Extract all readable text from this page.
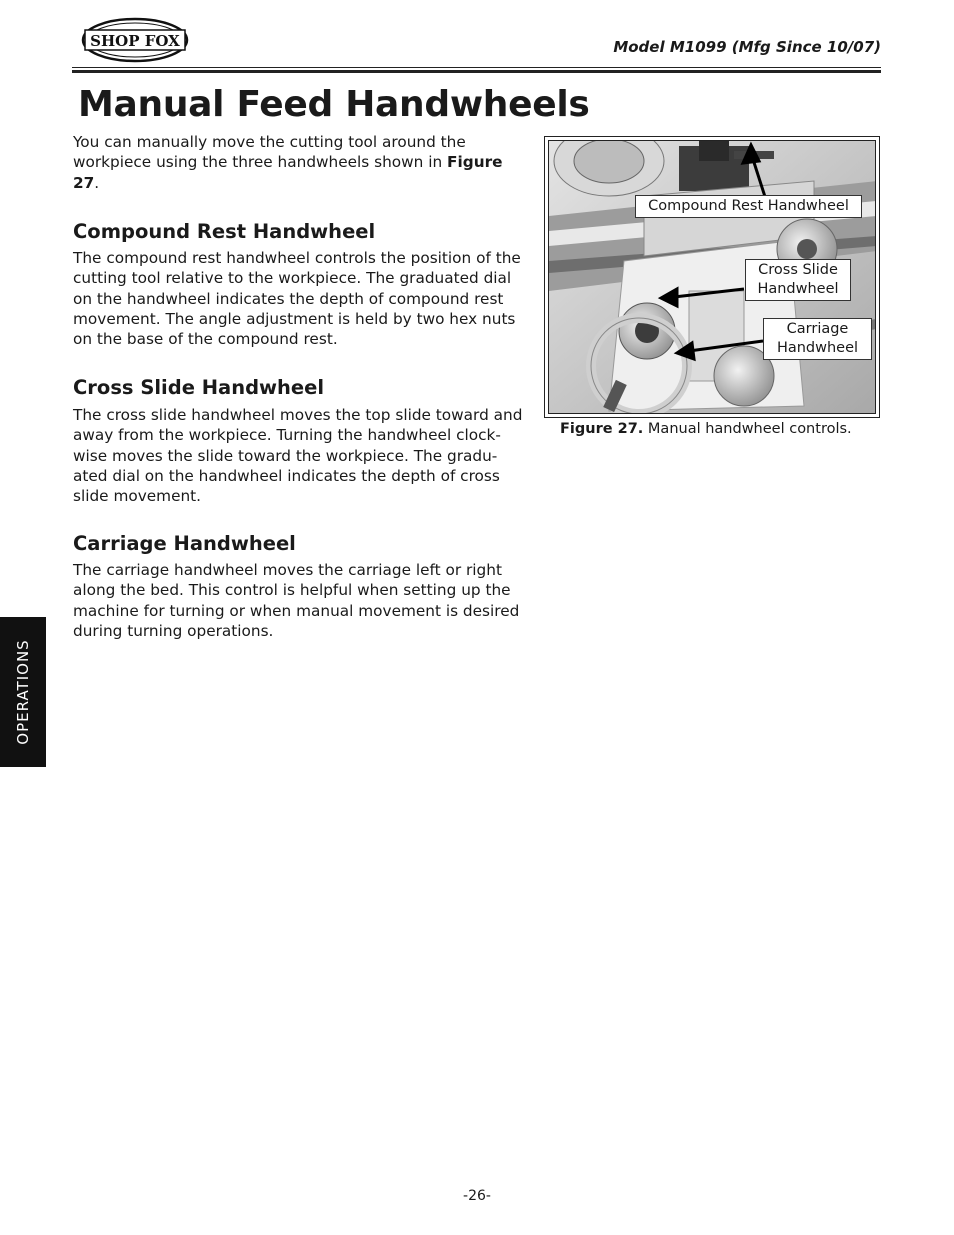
SHOP FOX	Model M1099 (Mfg Since 10/07)
Manual Feed Handwheels

You can manually move the cutting tool around the workpiece using the three handwheels shown in Figure 27.

Compound Rest Handwheel

The compound rest handwheel controls the position of the cutting tool relative to the workpiece. The graduated dial on the handwheel indicates the depth of compound rest movement. The angle adjustment is held by two hex nuts on the base of the compound rest.

Cross Slide Handwheel

The cross slide handwheel moves the top slide toward and away from the workpiece. Turning the handwheel clock-wise moves the slide toward the workpiece. The gradu-ated dial on the handwheel indicates the depth of cross slide movement.

Carriage Handwheel

The carriage handwheel moves the carriage left or right along the bed. This control is helpful when setting up the machine for turning or when manual movement is desired during turning operations.

Compound Rest Handwheel
Cross Slide
Handwheel
Carriage
Handwheel
Figure 27. Manual handwheel controls.
OPERATIONS
-26-
